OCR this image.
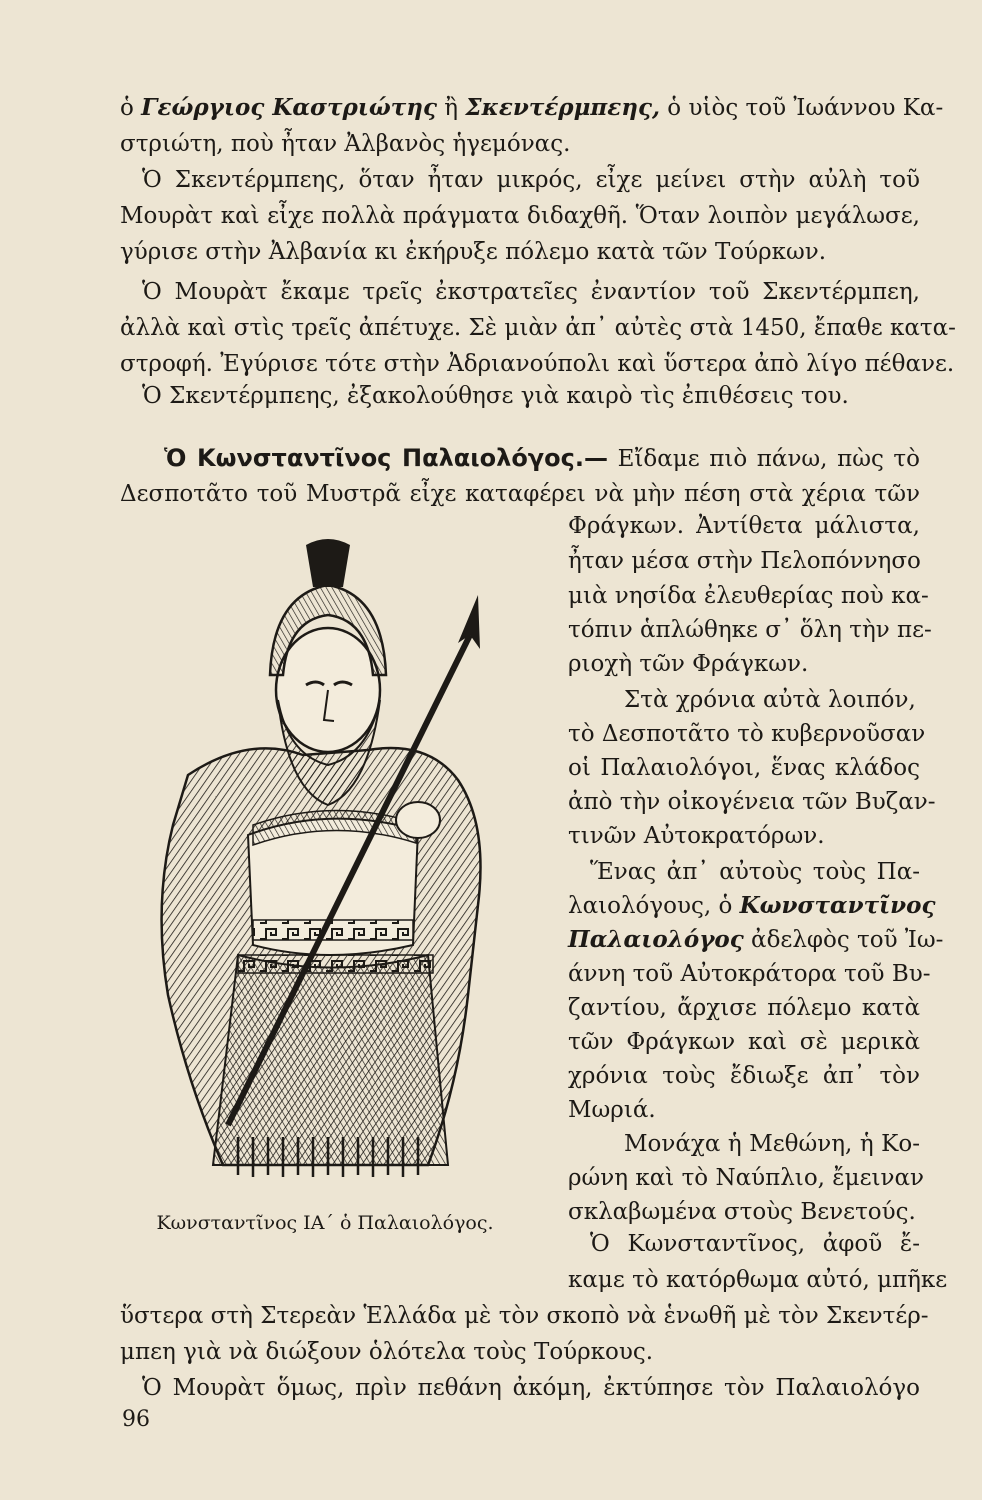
ὁ Γεώργιος Καστριώτης ἢ Σκεντέρμπεης, ὁ υἱὸς τοῦ Ἰωάννου Κα-
στριώτη, ποὺ ἦταν Ἀλβανὸς ἡγεμόνας.
Ὁ Σκεντέρμπεης, ὅταν ἦταν μικρός, εἶχε μείνει στὴν αὐλὴ τοῦ
Μουρὰτ καὶ εἶχε πολλὰ πράγματα διδαχθῆ. Ὅταν λοιπὸν μεγάλωσε,
γύρισε στὴν Ἀλβανία κι ἐκήρυξε πόλεμο κατὰ τῶν Τούρκων.
Ὁ Μουρὰτ ἔκαμε τρεῖς ἐκστρατεῖες ἐναντίον τοῦ Σκεντέρμπεη,
ἀλλὰ καὶ στὶς τρεῖς ἀπέτυχε. Σὲ μιὰν ἀπ᾽ αὐτὲς στὰ 1450, ἔπαθε κατα-
στροφή. Ἐγύρισε τότε στὴν Ἀδριανούπολι καὶ ὕστερα ἀπὸ λίγο πέθανε.
Ὁ Σκεντέρμπεης, ἐξακολούθησε γιὰ καιρὸ τὶς ἐπιθέσεις του.
Ὁ Κωνσταντῖνος Παλαιολόγος.— Εἴδαμε πιὸ πάνω, πὼς τὸ
Δεσποτᾶτο τοῦ Μυστρᾶ εἶχε καταφέρει νὰ μὴν πέση στὰ χέρια τῶν
Φράγκων. Ἀντίθετα μάλιστα,
ἦταν μέσα στὴν Πελοπόννησο
μιὰ νησίδα ἐλευθερίας ποὺ κα-
τόπιν ἁπλώθηκε σ᾽ ὅλη τὴν πε-
ριοχὴ τῶν Φράγκων.
Στὰ χρόνια αὐτὰ λοιπόν,
τὸ Δεσποτᾶτο τὸ κυβερνοῦσαν
οἱ Παλαιολόγοι, ἕνας κλάδος
ἀπὸ τὴν οἰκογένεια τῶν Βυζαν-
τινῶν Αὐτοκρατόρων.
Ἕνας ἀπ᾽ αὐτοὺς τοὺς Πα-
λαιολόγους, ὁ Κωνσταντῖνος
Παλαιολόγος ἀδελφὸς τοῦ Ἰω-
άννη τοῦ Αὐτοκράτορα τοῦ Βυ-
ζαντίου, ἄρχισε πόλεμο κατὰ
τῶν Φράγκων καὶ σὲ μερικὰ
χρόνια τοὺς ἔδιωξε ἀπ᾽ τὸν
Μωριά.
Μονάχα ἡ Μεθώνη, ἡ Κο-
ρώνη καὶ τὸ Ναύπλιο, ἔμειναν
σκλαβωμένα στοὺς Βενετούς.
Ὁ Κωνσταντῖνος, ἀφοῦ ἔ-
καμε τὸ κατόρθωμα αὐτό, μπῆκε
ὕστερα στὴ Στερεὰν Ἑλλάδα μὲ τὸν σκοπὸ νὰ ἑνωθῆ μὲ τὸν Σκεντέρ-
μπεη γιὰ νὰ διώξουν ὁλότελα τοὺς Τούρκους.
Ὁ Μουρὰτ ὅμως, πρὶν πεθάνη ἀκόμη, ἐκτύπησε τὸν Παλαιολόγο
Κωνσταντῖνος ΙΑ΄ ὁ Παλαιολόγος.
96
